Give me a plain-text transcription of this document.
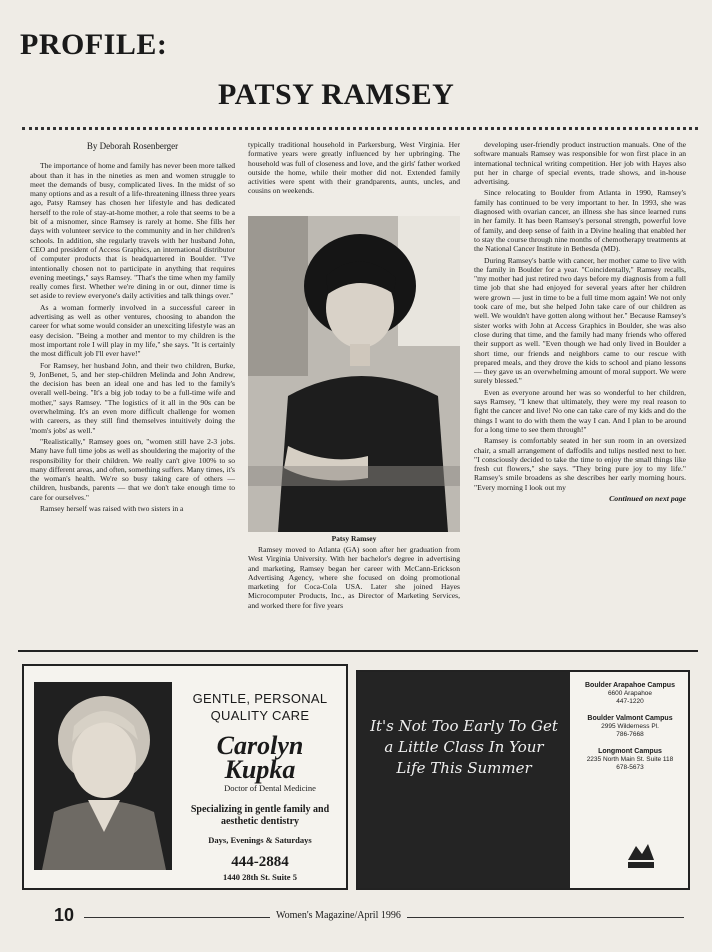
PROFILE:
PATSY RAMSEY
By Deborah Rosenberger

The importance of home and family has never been more talked about than it has in the nineties as men and women struggle to meet the demands of busy, complicated lives. In the midst of so many options and as a result of a life-threatening illness three years ago, Patsy Ramsey has chosen her lifestyle and has dedicated herself to the role of stay-at-home mother, a role that seems to be a bit of a misnomer, since Ramsey is rarely at home. She fills her days with volunteer service to the community and in her children's schools. In addition, she regularly travels with her husband John, CEO and president of Access Graphics, an international distributor of computer products that is headquartered in Boulder. "I've intentionally chosen not to participate in anything that requires evening meetings," says Ramsey. "That's the time when my family really comes first. Whether we're dining in or out, dinner time is set aside to review everyone's daily activities and talk things over."

As a woman formerly involved in a successful career in advertising as well as other ventures, choosing to abandon the career for what some would consider an unexciting lifestyle was an easy decision. "Being a mother and mentor to my children is the most important role I will play in my life," she says. "It is certainly the most difficult job I'll ever have!"

For Ramsey, her husband John, and their two children, Burke, 9, JonBenet, 5, and her step-children Melinda and John Andrew, the decision has been an ideal one and has led to the family's overall well-being. "It's a big job today to be a full-time wife and mother," says Ramsey. "The logistics of it all in the 90s can be overwhelming. It's an even more difficult challenge for women with careers, as they still find themselves intuitively doing the 'mom's jobs' as well."

"Realistically," Ramsey goes on, "women still have 2-3 jobs. Many have full time jobs as well as shouldering the majority of the responsibility for their children. We really can't give 100% to so many different areas, and often, something suffers. Many times, it's the woman's health. We're so busy taking care of others — children, husbands, parents — that we don't take enough time to care for ourselves."

Ramsey herself was raised with two sisters in a

typically traditional household in Parkersburg, West Virginia. Her formative years were greatly influenced by her upbringing. The household was full of closeness and love, and the girls' father worked outside the home, while their mother did not. Extended family activities were spent with their grandparents, aunts, uncles, and cousins on weekends.
Patsy Ramsey

Ramsey moved to Atlanta (GA) soon after her graduation from West Virginia University. With her bachelor's degree in advertising and marketing, Ramsey began her career with McCann-Erickson Advertising Agency, where she focused on doing promotional marketing for Coca-Cola USA. Later she joined Hayes Microcomputer Products, Inc., as Director of Marketing Services, and worked there for five years

developing user-friendly product instruction manuals. One of the software manuals Ramsey was responsible for won first place in an international technical writing competition. Her job with Hayes also put her in charge of special events, trade shows, and in-house advertising.

Since relocating to Boulder from Atlanta in 1990, Ramsey's family has continued to be very important to her. In 1993, she was diagnosed with ovarian cancer, an illness she has since learned runs in her family. It has been Ramsey's personal strength, powerful love of family, and deep sense of faith in a Divine healing that enabled her to stay the course through nine months of chemotherapy treatments at the National Cancer Institute in Bethesda (MD).

During Ramsey's battle with cancer, her mother came to live with the family in Boulder for a year. "Coincidentally," Ramsey recalls, "my mother had just retired two days before my diagnosis from a full time job that she had enjoyed for several years after her children were grown — just in time to be a full time mom again! We not only took care of me, but she helped John take care of our children as well. We wouldn't have gotten along without her." Because Ramsey's sister works with John at Access Graphics in Boulder, she was also close during that time, and the family had many friends who offered their support as well. "Even though we had only lived in Boulder a short time, our friends and neighbors came to our rescue with prepared meals, and they drove the kids to school and piano lessons — they gave us an overwhelming amount of moral support. We were surely blessed."

Even as everyone around her was so wonderful to her children, says Ramsey, "I knew that ultimately, they were my real reason to fight the cancer and live! No one can take care of my kids and do the things I want to do with them the way I can. And I plan to be around for a long time to see them through!"

Ramsey is comfortably seated in her sun room in an oversized chair, a small arrangement of daffodils and tulips nestled next to her. "I consciously decided to take the time to enjoy the small things like fresh cut flowers," she says. "They bring pure joy to my life." Ramsey's smile broadens as she describes her early morning hours. "Every morning I look out my

Continued on next page
GENTLE, PERSONAL
QUALITY CARE
Carolyn
Kupka
Doctor of Dental Medicine
Specializing in gentle family and aesthetic dentistry
Days, Evenings & Saturdays
444-2884
1440 28th St. Suite 5
It's Not Too Early To Get a Little Class In Your Life This Summer
Boulder Arapahoe Campus
6600 Arapahoe
447-1220
Boulder Valmont Campus
2995 Wilderness Pl.
786-7668
Longmont Campus
2235 North Main St. Suite 118
678-5673
10	Women's Magazine/April 1996
